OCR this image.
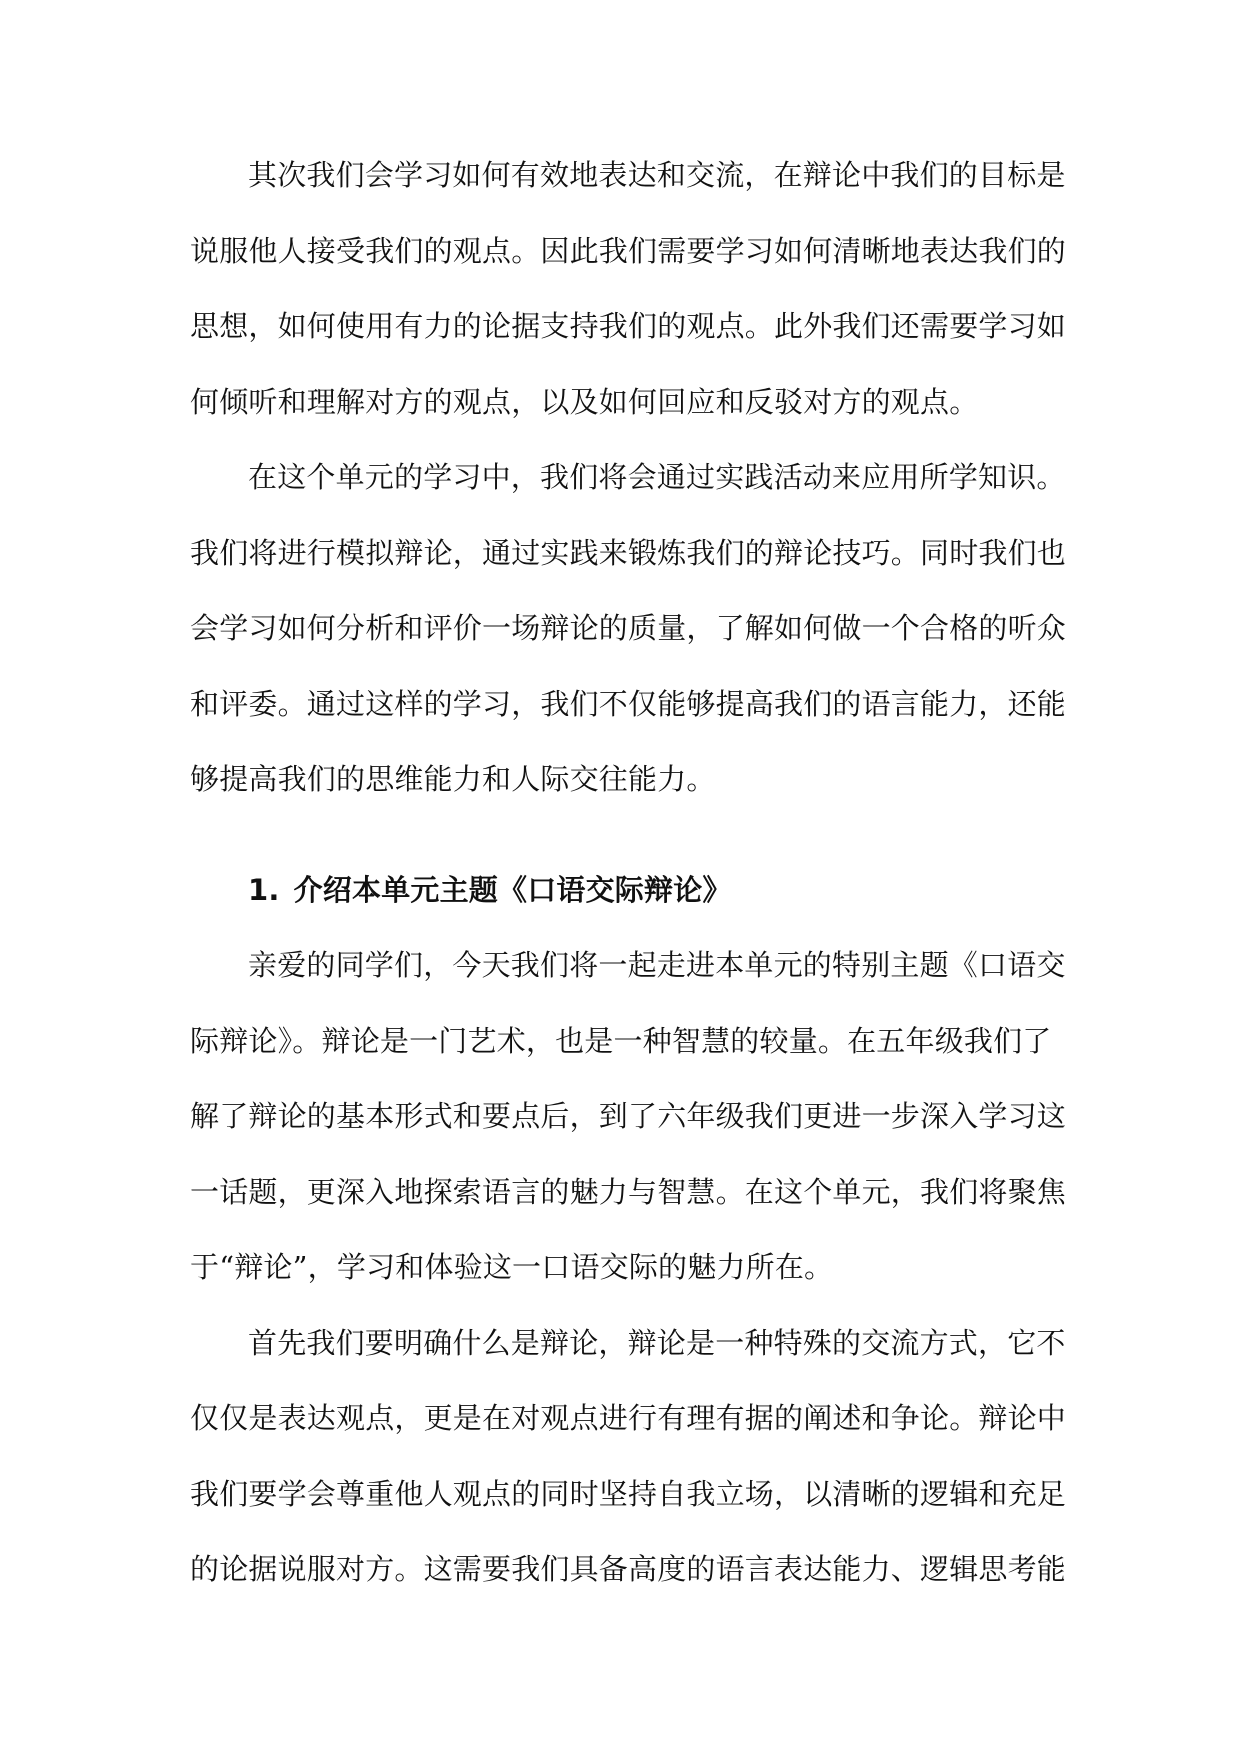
其次我们会学习如何有效地表达和交流，在辩论中我们的目标是
说服他人接受我们的观点。因此我们需要学习如何清晰地表达我们的
思想，如何使用有力的论据支持我们的观点。此外我们还需要学习如
何倾听和理解对方的观点，以及如何回应和反驳对方的观点。
在这个单元的学习中，我们将会通过实践活动来应用所学知识。
我们将进行模拟辩论，通过实践来锻炼我们的辩论技巧。同时我们也
会学习如何分析和评价一场辩论的质量，了解如何做一个合格的听众
和评委。通过这样的学习，我们不仅能够提高我们的语言能力，还能
够提高我们的思维能力和人际交往能力。
1. 介绍本单元主题《口语交际辩论》
亲爱的同学们，今天我们将一起走进本单元的特别主题《口语交
际辩论》。辩论是一门艺术，也是一种智慧的较量。在五年级我们了
解了辩论的基本形式和要点后，到了六年级我们更进一步深入学习这
一话题，更深入地探索语言的魅力与智慧。在这个单元，我们将聚焦
于“辩论”，学习和体验这一口语交际的魅力所在。
首先我们要明确什么是辩论，辩论是一种特殊的交流方式，它不
仅仅是表达观点，更是在对观点进行有理有据的阐述和争论。辩论中
我们要学会尊重他人观点的同时坚持自我立场，以清晰的逻辑和充足
的论据说服对方。这需要我们具备高度的语言表达能力、逻辑思考能
